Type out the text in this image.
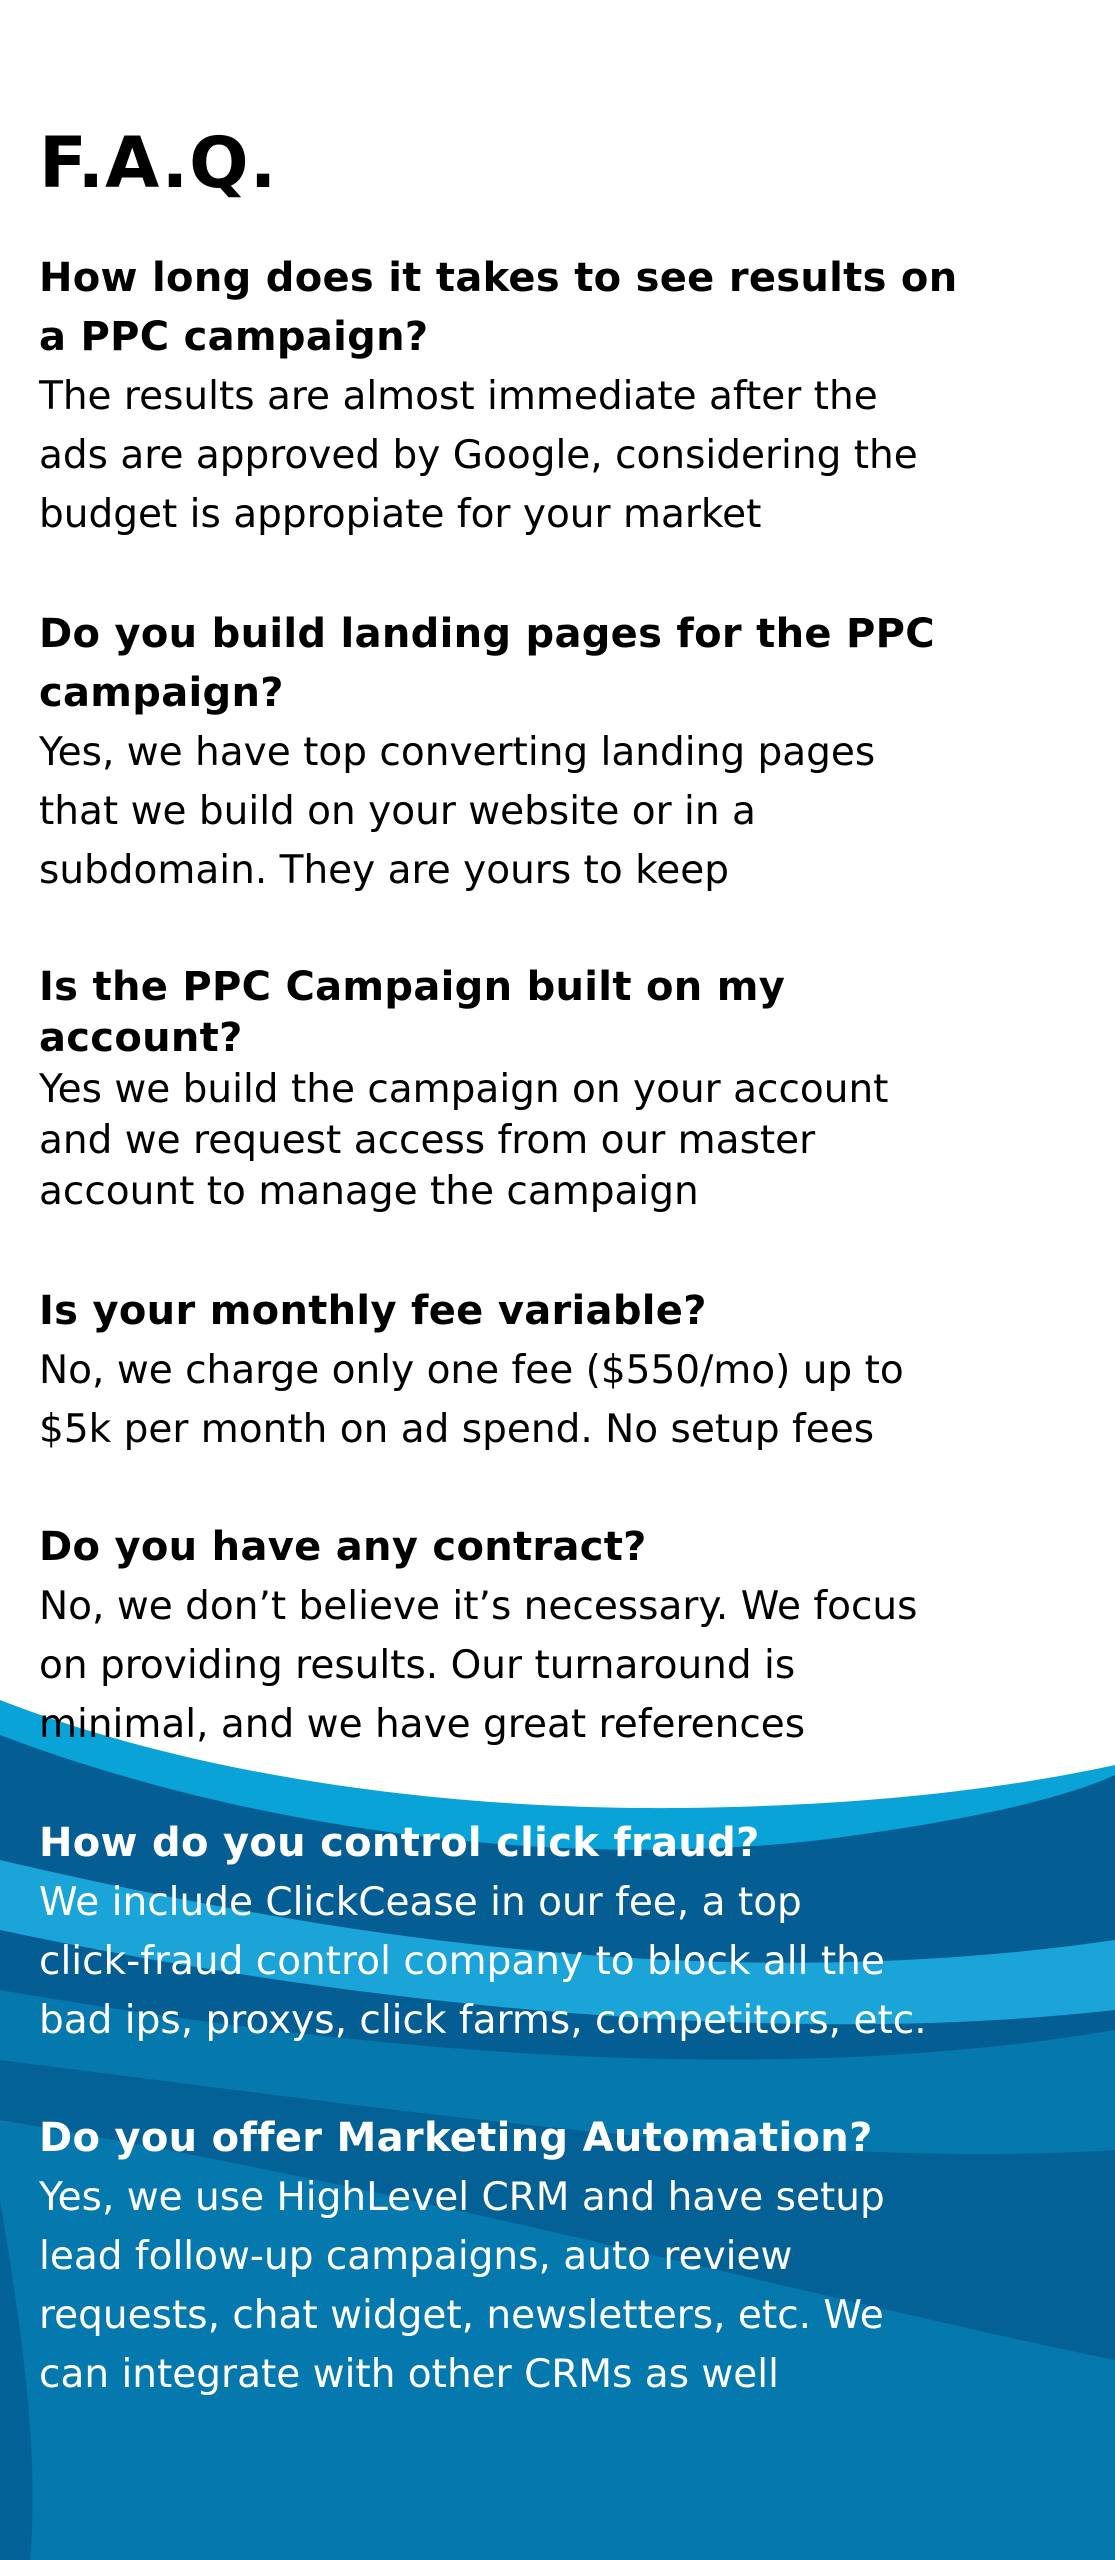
F.A.Q.

How long does it takes to see results on
a PPC campaign?

The results are almost immediate after the
ads are approved by Google, considering the
budget is appropiate for your market

Do you build landing pages for the PPC
campaign?

Yes, we have top converting landing pages
that we build on your website or in a
subdomain. They are yours to keep

Is the PPC Campaign built on my
account?

Yes we build the campaign on your account
and we request access from our master
account to manage the campaign

Is your monthly fee variable?

No, we charge only one fee ($550/mo) up to
$5k per month on ad spend. No setup fees

Do you have any contract?

No, we don’t believe it’s necessary. We focus
on providing results. Our turnaround is
minimal, and we have great references

How do you control click fraud?

We include ClickCease in our fee, a top
click-fraud control company to block all the
bad ips, proxys, click farms, competitors, etc.

Do you offer Marketing Automation?

Yes, we use HighLevel CRM and have setup
lead follow-up campaigns, auto review
requests, chat widget, newsletters, etc. We
can integrate with other CRMs as well
